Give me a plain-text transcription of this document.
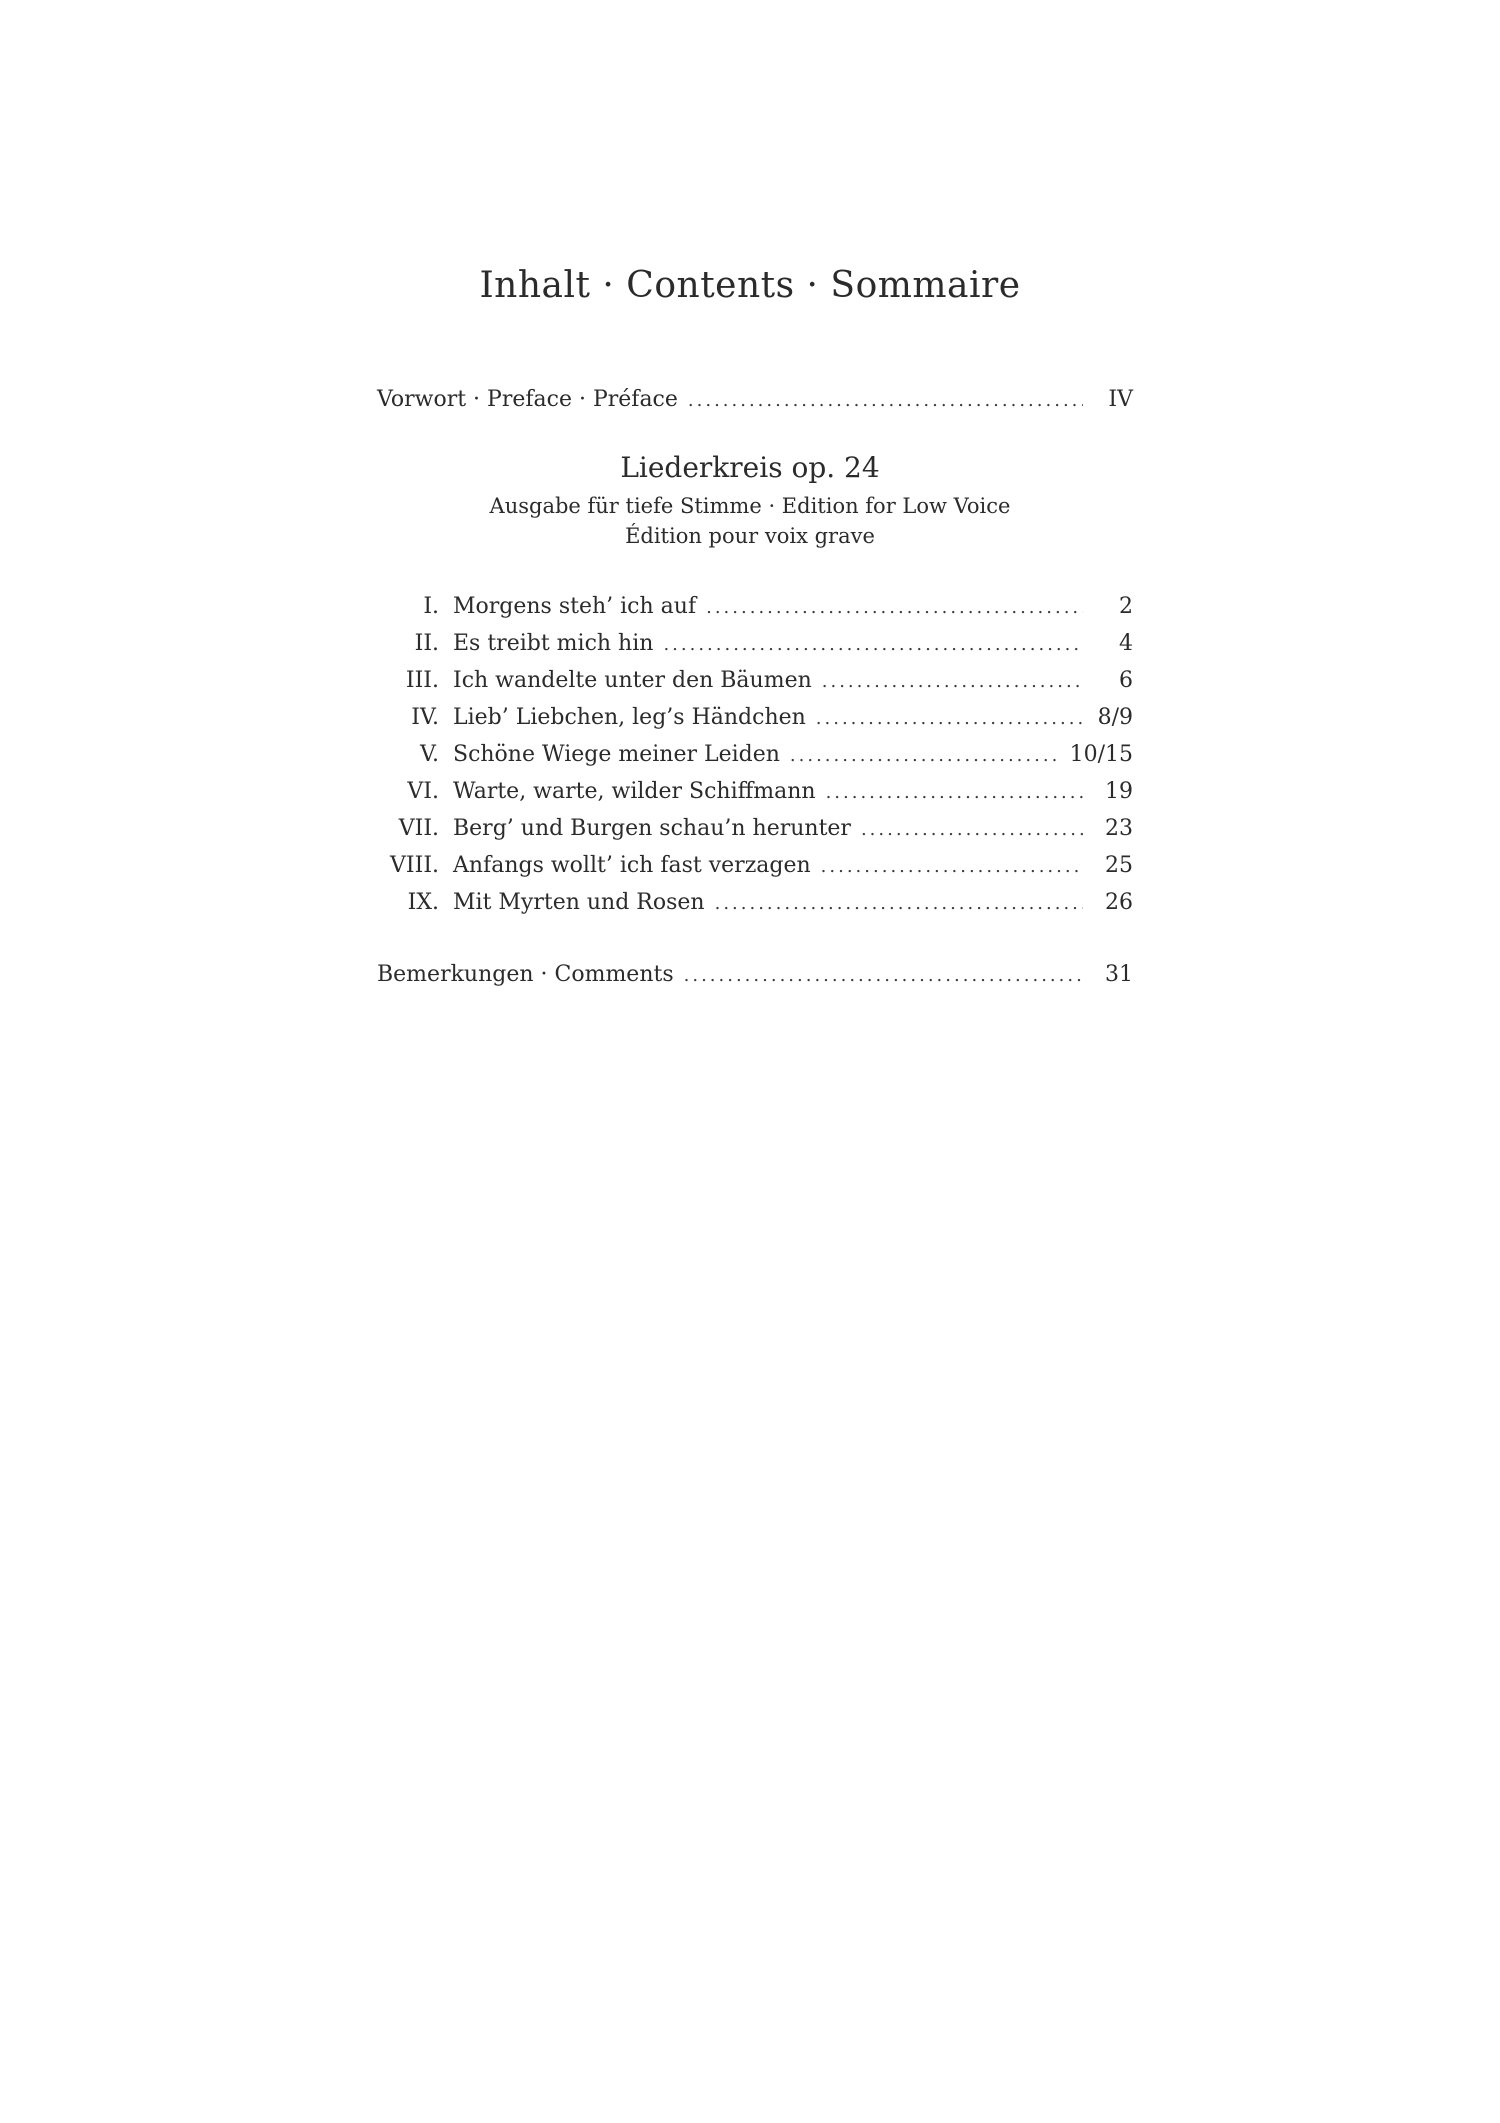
Inhalt · Contents · Sommaire
Vorwort · Preface · Préface .....	IV
Liederkreis op. 24
Ausgabe für tiefe Stimme · Edition for Low Voice
Édition pour voix grave
I. Morgens steh’ ich auf .....	2
II. Es treibt mich hin .....	4
III. Ich wandelte unter den Bäumen .....	6
IV. Lieb’ Liebchen, leg’s Händchen .....	8/9
V. Schöne Wiege meiner Leiden .....	10/15
VI. Warte, warte, wilder Schiffmann .....	19
VII. Berg’ und Burgen schau’n herunter .....	23
VIII. Anfangs wollt’ ich fast verzagen .....	25
IX. Mit Myrten und Rosen .....	26
Bemerkungen · Comments .....	31
